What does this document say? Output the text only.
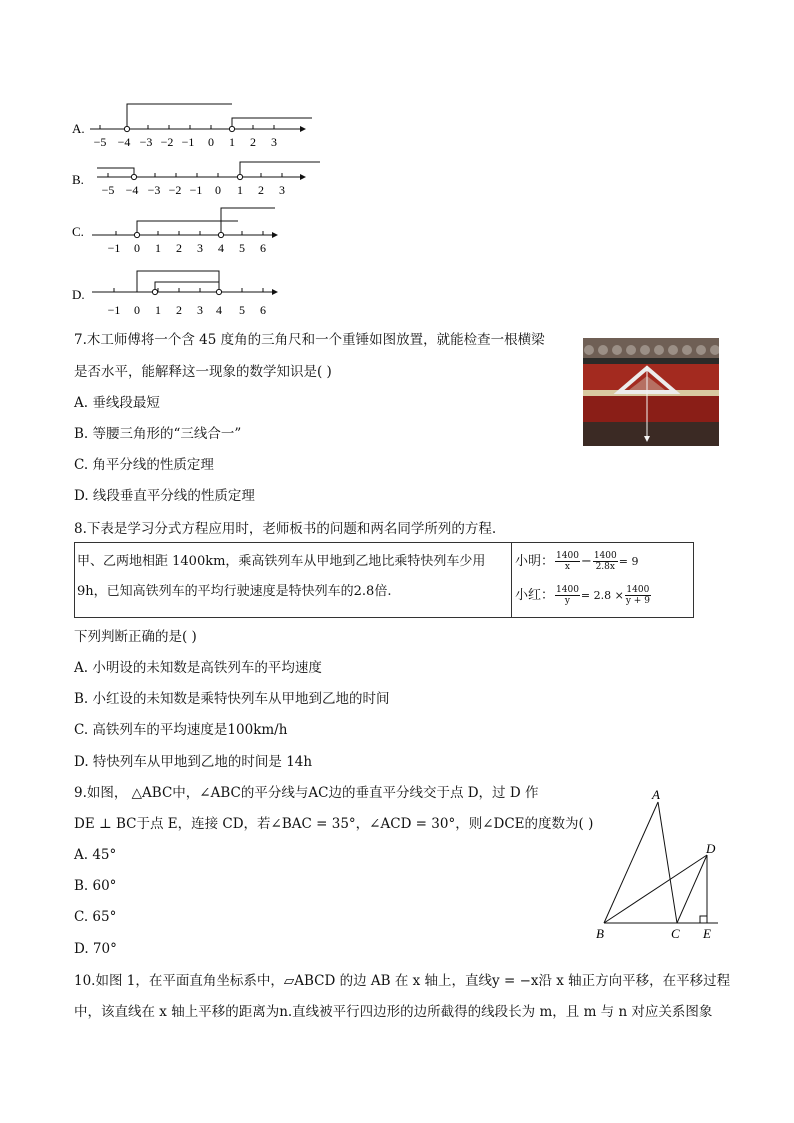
A.
−5 −4 −3 −2 −1 0 1 2 3
B.
−5 −4 −3 −2 −1 0 1 2 3
C.
−1 0 1 2 3 4 5 6
D.
−1 0 1 2 3 4 5 6
7.木工师傅将一个含 45 度角的三角尺和一个重锤如图放置，就能检查一根横梁
是否水平，能解释这一现象的数学知识是( )
A. 垂线段最短
B. 等腰三角形的“三线合一”
C. 角平分线的性质定理
D. 线段垂直平分线的性质定理
8.下表是学习分式方程应用时，老师板书的问题和两名同学所列的方程.
甲、乙两地相距 1400km，乘高铁列车从甲地到乙地比乘特快列车少用
9h，已知高铁列车的平均行驶速度是特快列车的2.8倍.
小明： $\frac{1400}{x} - \frac{1400}{2.8x} = 9$
小红： $\frac{1400}{y} = 2.8 \times \frac{1400}{y + 9}$
下列判断正确的是( )
A. 小明设的未知数是高铁列车的平均速度
B. 小红设的未知数是乘特快列车从甲地到乙地的时间
C. 高铁列车的平均速度是100km/h
D. 特快列车从甲地到乙地的时间是 14h
9.如图， △ABC中，∠ABC的平分线与AC边的垂直平分线交于点 D，过 D 作
DE ⊥ BC于点 E，连接 CD，若∠BAC = 35°，∠ACD = 30°，则∠DCE的度数为( )
A. 45°
B. 60°
C. 65°
D. 70°
A
B	C
D
E
10.如图 1，在平面直角坐标系中，▱ABCD 的边 AB 在 x 轴上，直线y = −x沿 x 轴正方向平移，在平移过程
中，该直线在 x 轴上平移的距离为n.直线被平行四边形的边所截得的线段长为 m，且 m 与 n 对应关系图象
